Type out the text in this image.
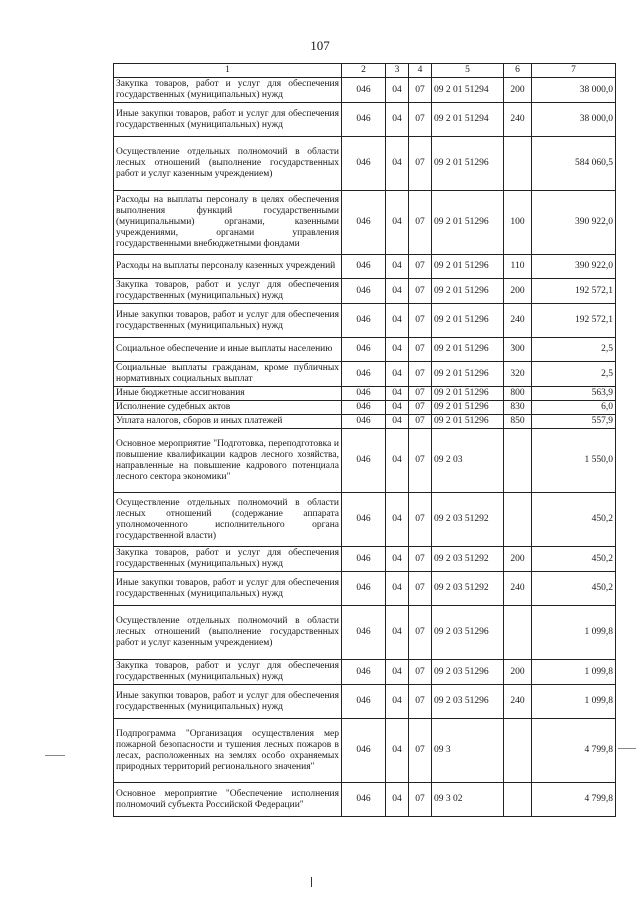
107
1	2	3	4	5	6	7
Закупка товаров, работ и услуг для обеспечения государственных (муниципальных) нужд	046	04	07	09 2 01 51294	200	38 000,0
Иные закупки товаров, работ и услуг для обеспечения государственных (муниципальных) нужд	046	04	07	09 2 01 51294	240	38 000,0
Осуществление отдельных полномочий в области лесных отношений (выполнение государственных работ и услуг казенным учреждением)	046	04	07	09 2 01 51296		584 060,5
Расходы на выплаты персоналу в целях обеспечения выполнения функций государственными (муниципальными) органами, казенными учреждениями, органами управления государственными внебюджетными фондами	046	04	07	09 2 01 51296	100	390 922,0
Расходы на выплаты персоналу казенных учреждений	046	04	07	09 2 01 51296	110	390 922,0
Закупка товаров, работ и услуг для обеспечения государственных (муниципальных) нужд	046	04	07	09 2 01 51296	200	192 572,1
Иные закупки товаров, работ и услуг для обеспечения государственных (муниципальных) нужд	046	04	07	09 2 01 51296	240	192 572,1
Социальное обеспечение и иные выплаты населению	046	04	07	09 2 01 51296	300	2,5
Социальные выплаты гражданам, кроме публичных нормативных социальных выплат	046	04	07	09 2 01 51296	320	2,5
Иные бюджетные ассигнования	046	04	07	09 2 01 51296	800	563,9
Исполнение судебных актов	046	04	07	09 2 01 51296	830	6,0
Уплата налогов, сборов и иных платежей	046	04	07	09 2 01 51296	850	557,9
Основное мероприятие "Подготовка, переподготовка и повышение квалификации кадров лесного хозяйства, направленные на повышение кадрового потенциала лесного сектора экономики"	046	04	07	09 2 03		1 550,0
Осуществление отдельных полномочий в области лесных отношений (содержание аппарата уполномоченного исполнительного органа государственной власти)	046	04	07	09 2 03 51292		450,2
Закупка товаров, работ и услуг для обеспечения государственных (муниципальных) нужд	046	04	07	09 2 03 51292	200	450,2
Иные закупки товаров, работ и услуг для обеспечения государственных (муниципальных) нужд	046	04	07	09 2 03 51292	240	450,2
Осуществление отдельных полномочий в области лесных отношений (выполнение государственных работ и услуг казенным учреждением)	046	04	07	09 2 03 51296		1 099,8
Закупка товаров, работ и услуг для обеспечения государственных (муниципальных) нужд	046	04	07	09 2 03 51296	200	1 099,8
Иные закупки товаров, работ и услуг для обеспечения государственных (муниципальных) нужд	046	04	07	09 2 03 51296	240	1 099,8
Подпрограмма "Организация осуществления мер пожарной безопасности и тушения лесных пожаров в лесах, расположенных на землях особо охраняемых природных территорий регионального значения"	046	04	07	09 3		4 799,8
Основное мероприятие "Обеспечение исполнения полномочий субъекта Российской Федерации"	046	04	07	09 3 02		4 799,8
